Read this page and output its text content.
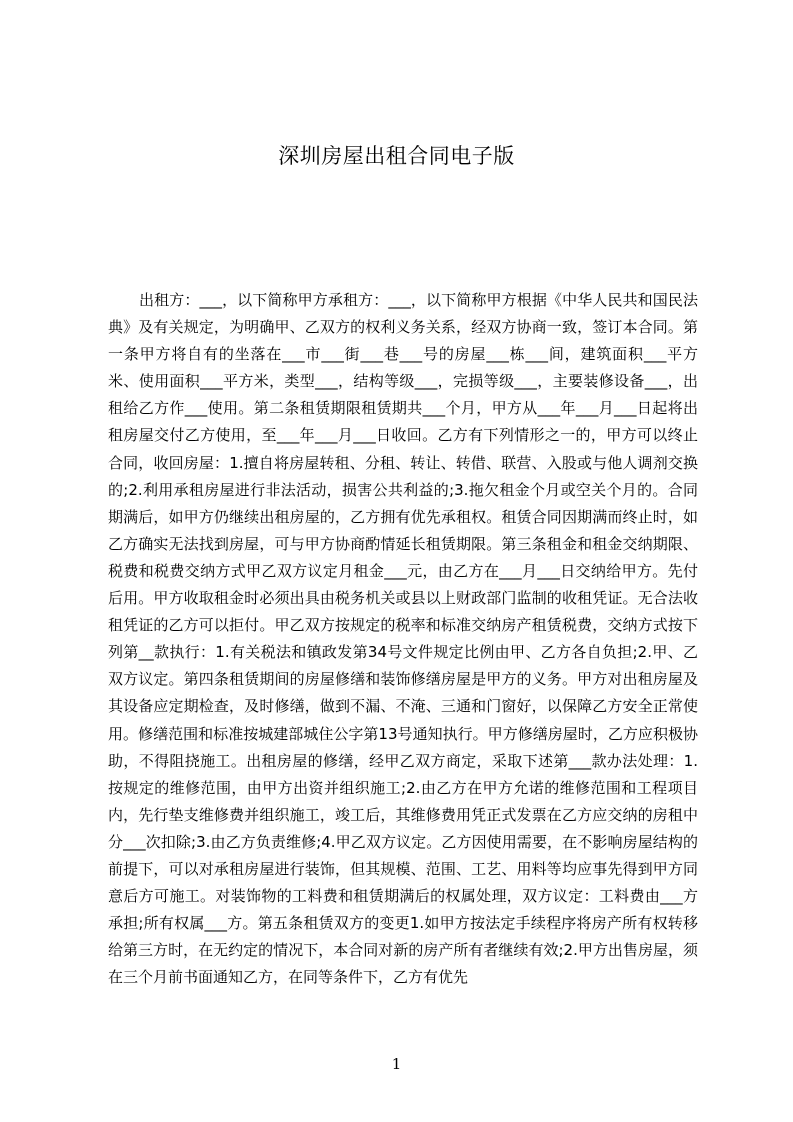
深圳房屋出租合同电子版

出租方：___，以下简称甲方承租方：___，以下简称甲方根据《中华人民共和国民法典》及有关规定，为明确甲、乙双方的权利义务关系，经双方协商一致，签订本合同。第一条甲方将自有的坐落在___市___街___巷___号的房屋___栋___间，建筑面积___平方米、使用面积___平方米，类型___，结构等级___，完损等级___，主要装修设备___，出租给乙方作___使用。第二条租赁期限租赁期共___个月，甲方从___年___月___日起将出租房屋交付乙方使用，至___年___月___日收回。乙方有下列情形之一的，甲方可以终止合同，收回房屋：1.擅自将房屋转租、分租、转让、转借、联营、入股或与他人调剂交换的;2.利用承租房屋进行非法活动，损害公共利益的;3.拖欠租金个月或空关个月的。合同期满后，如甲方仍继续出租房屋的，乙方拥有优先承租权。租赁合同因期满而终止时，如乙方确实无法找到房屋，可与甲方协商酌情延长租赁期限。第三条租金和租金交纳期限、税费和税费交纳方式甲乙双方议定月租金___元，由乙方在___月___日交纳给甲方。先付后用。甲方收取租金时必须出具由税务机关或县以上财政部门监制的收租凭证。无合法收租凭证的乙方可以拒付。甲乙双方按规定的税率和标准交纳房产租赁税费，交纳方式按下列第__款执行：1.有关税法和镇政发第34号文件规定比例由甲、乙方各自负担;2.甲、乙双方议定。第四条租赁期间的房屋修缮和装饰修缮房屋是甲方的义务。甲方对出租房屋及其设备应定期检查，及时修缮，做到不漏、不淹、三通和门窗好，以保障乙方安全正常使用。修缮范围和标准按城建部城住公字第13号通知执行。甲方修缮房屋时，乙方应积极协助，不得阻挠施工。出租房屋的修缮，经甲乙双方商定，采取下述第___款办法处理：1.按规定的维修范围，由甲方出资并组织施工;2.由乙方在甲方允诺的维修范围和工程项目内，先行垫支维修费并组织施工，竣工后，其维修费用凭正式发票在乙方应交纳的房租中分___次扣除;3.由乙方负责维修;4.甲乙双方议定。乙方因使用需要，在不影响房屋结构的前提下，可以对承租房屋进行装饰，但其规模、范围、工艺、用料等均应事先得到甲方同意后方可施工。对装饰物的工料费和租赁期满后的权属处理，双方议定：工料费由___方承担;所有权属___方。第五条租赁双方的变更1.如甲方按法定手续程序将房产所有权转移给第三方时，在无约定的情况下，本合同对新的房产所有者继续有效;2.甲方出售房屋，须在三个月前书面通知乙方，在同等条件下，乙方有优先

1
